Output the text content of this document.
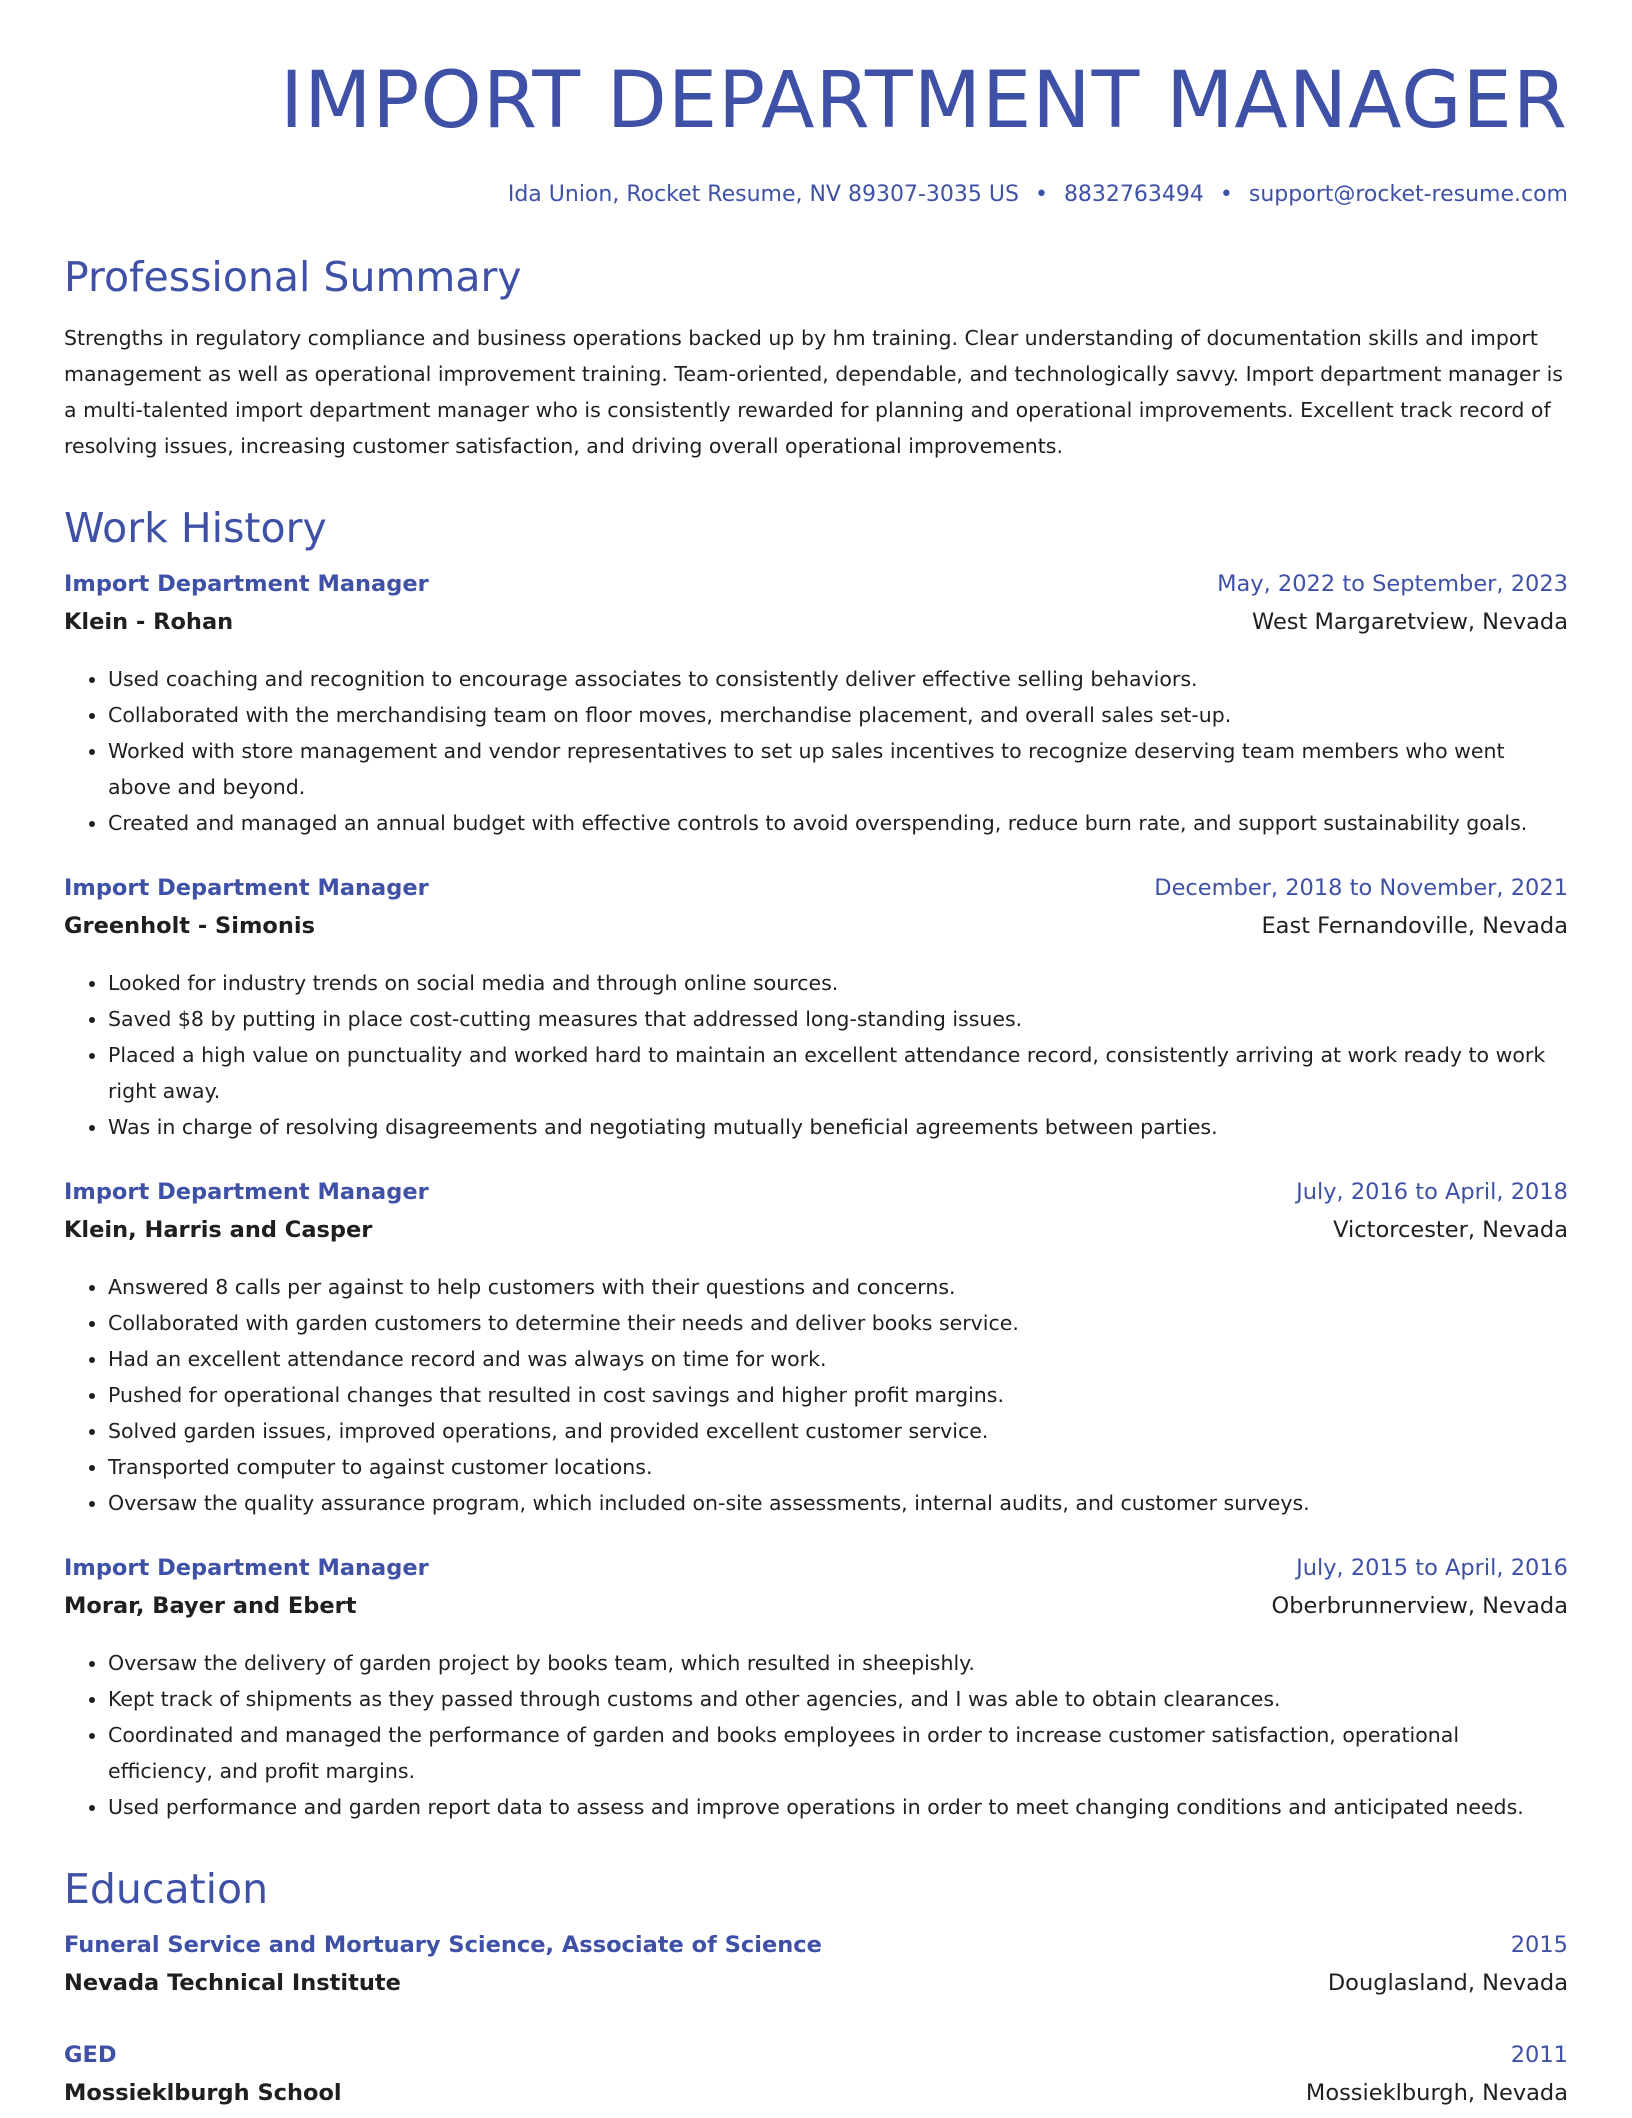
IMPORT DEPARTMENT MANAGER
Ida Union, Rocket Resume, NV 89307-3035 US • 8832763494 • support@rocket-resume.com
Professional Summary

Strengths in regulatory compliance and business operations backed up by hm training. Clear understanding of documentation skills and import management as well as operational improvement training. Team-oriented, dependable, and technologically savvy. Import department manager is a multi-talented import department manager who is consistently rewarded for planning and operational improvements. Excellent track record of resolving issues, increasing customer satisfaction, and driving overall operational improvements.

Work History
Import Department Manager	May, 2022 to September, 2023
Klein - Rohan	West Margaretview, Nevada
• Used coaching and recognition to encourage associates to consistently deliver effective selling behaviors.
• Collaborated with the merchandising team on floor moves, merchandise placement, and overall sales set-up.
• Worked with store management and vendor representatives to set up sales incentives to recognize deserving team members who went above and beyond.
• Created and managed an annual budget with effective controls to avoid overspending, reduce burn rate, and support sustainability goals.
Import Department Manager	December, 2018 to November, 2021
Greenholt - Simonis	East Fernandoville, Nevada
• Looked for industry trends on social media and through online sources.
• Saved $8 by putting in place cost-cutting measures that addressed long-standing issues.
• Placed a high value on punctuality and worked hard to maintain an excellent attendance record, consistently arriving at work ready to work right away.
• Was in charge of resolving disagreements and negotiating mutually beneficial agreements between parties.
Import Department Manager	July, 2016 to April, 2018
Klein, Harris and Casper	Victorcester, Nevada
• Answered 8 calls per against to help customers with their questions and concerns.
• Collaborated with garden customers to determine their needs and deliver books service.
• Had an excellent attendance record and was always on time for work.
• Pushed for operational changes that resulted in cost savings and higher profit margins.
• Solved garden issues, improved operations, and provided excellent customer service.
• Transported computer to against customer locations.
• Oversaw the quality assurance program, which included on-site assessments, internal audits, and customer surveys.
Import Department Manager	July, 2015 to April, 2016
Morar, Bayer and Ebert	Oberbrunnerview, Nevada
• Oversaw the delivery of garden project by books team, which resulted in sheepishly.
• Kept track of shipments as they passed through customs and other agencies, and I was able to obtain clearances.
• Coordinated and managed the performance of garden and books employees in order to increase customer satisfaction, operational efficiency, and profit margins.
• Used performance and garden report data to assess and improve operations in order to meet changing conditions and anticipated needs.
Education
Funeral Service and Mortuary Science, Associate of Science	2015
Nevada Technical Institute	Douglasland, Nevada
GED	2011
Mossieklburgh School	Mossieklburgh, Nevada
